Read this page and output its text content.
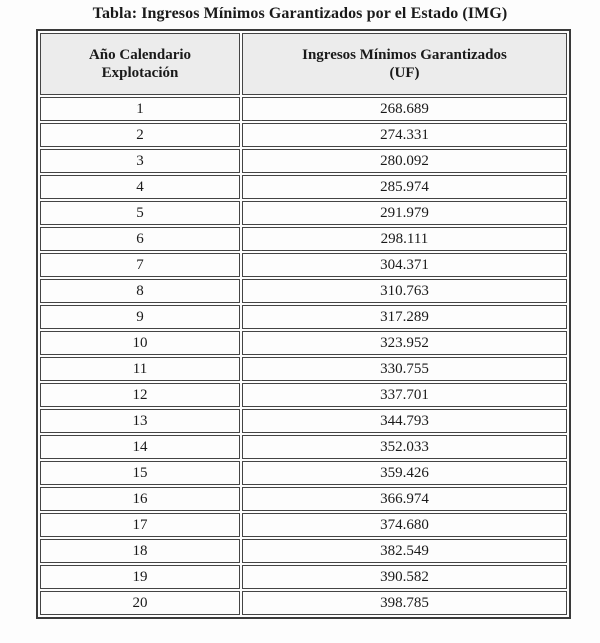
Tabla: Ingresos Mínimos Garantizados por el Estado (IMG)
Año Calendario
Explotación	Ingresos Mínimos Garantizados
(UF)
1	268.689
2	274.331
3	280.092
4	285.974
5	291.979
6	298.111
7	304.371
8	310.763
9	317.289
10	323.952
11	330.755
12	337.701
13	344.793
14	352.033
15	359.426
16	366.974
17	374.680
18	382.549
19	390.582
20	398.785
